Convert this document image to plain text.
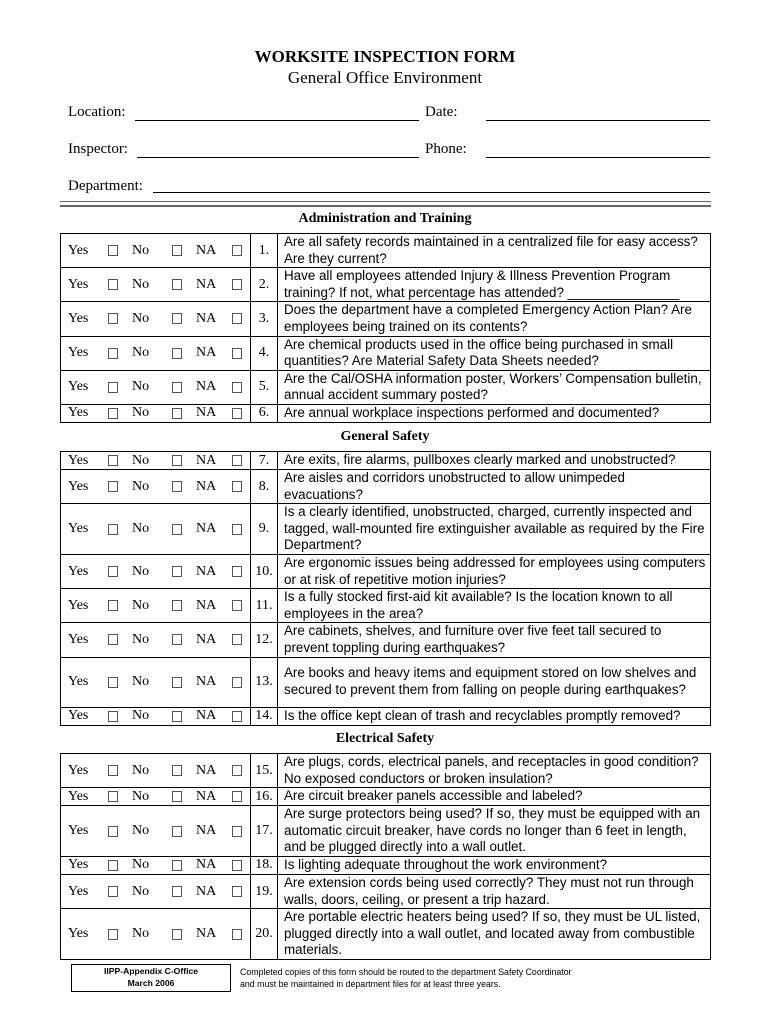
WORKSITE INSPECTION FORM
General Office Environment
Location:	Date:
Inspector:	Phone:
Department:
Administration and Training
Yes No NA	1.	Are all safety records maintained in a centralized file for easy access? Are they current?

Yes No NA	2.	Have all employees attended Injury & Illness Prevention Program training? If not, what percentage has attended? _______________

Yes No NA	3.	Does the department have a completed Emergency Action Plan? Are employees being trained on its contents?

Yes No NA	4.	Are chemical products used in the office being purchased in small quantities? Are Material Safety Data Sheets needed?

Yes No NA	5.	Are the Cal/OSHA information poster, Workers’ Compensation bulletin, annual accident summary posted?

Yes No NA	6.	Are annual workplace inspections performed and documented?
General Safety
Yes No NA	7.	Are exits, fire alarms, pullboxes clearly marked and unobstructed?

Yes No NA	8.	Are aisles and corridors unobstructed to allow unimpeded evacuations?

Yes No NA	9.	Is a clearly identified, unobstructed, charged, currently inspected and tagged, wall-mounted fire extinguisher available as required by the Fire Department?

Yes No NA	10.	Are ergonomic issues being addressed for employees using computers or at risk of repetitive motion injuries?

Yes No NA	11.	Is a fully stocked first-aid kit available? Is the location known to all employees in the area?

Yes No NA	12.	Are cabinets, shelves, and furniture over five feet tall secured to prevent toppling during earthquakes?

Yes No NA	13.	Are books and heavy items and equipment stored on low shelves and secured to prevent them from falling on people during earthquakes?

Yes No NA	14.	Is the office kept clean of trash and recyclables promptly removed?
Electrical Safety
Yes No NA	15.	Are plugs, cords, electrical panels, and receptacles in good condition? No exposed conductors or broken insulation?

Yes No NA	16.	Are circuit breaker panels accessible and labeled?

Yes No NA	17.	Are surge protectors being used? If so, they must be equipped with an automatic circuit breaker, have cords no longer than 6 feet in length, and be plugged directly into a wall outlet.

Yes No NA	18.	Is lighting adequate throughout the work environment?

Yes No NA	19.	Are extension cords being used correctly? They must not run through walls, doors, ceiling, or present a trip hazard.

Yes No NA	20.	Are portable electric heaters being used? If so, they must be UL listed, plugged directly into a wall outlet, and located away from combustible materials.
IIPP-Appendix C-Office
March 2006
Completed copies of this form should be routed to the department Safety Coordinator
and must be maintained in department files for at least three years.
